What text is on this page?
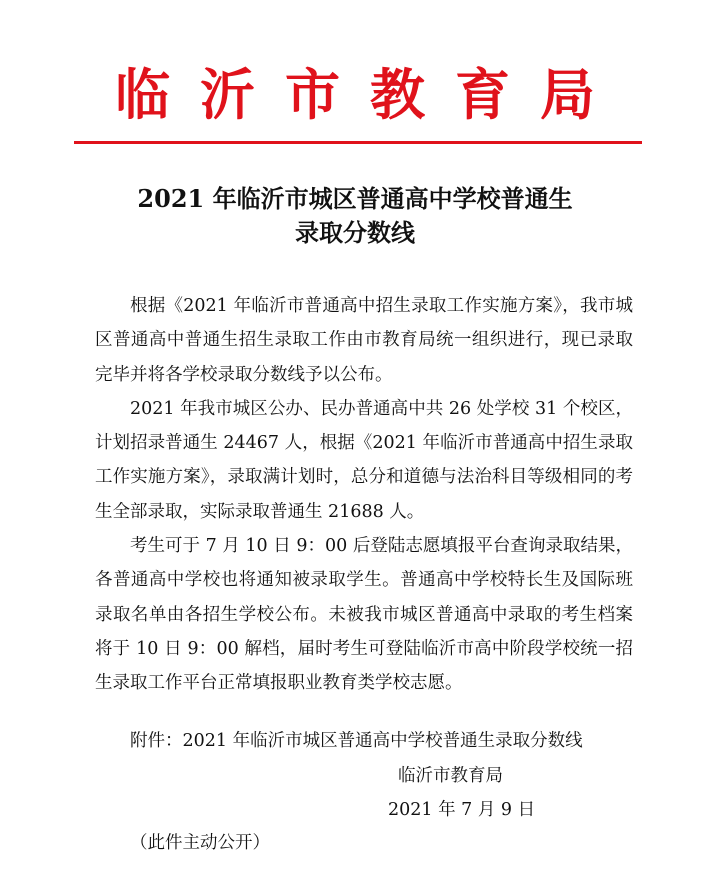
临沂市教育局
2021 年临沂市城区普通高中学校普通生
录取分数线

根据《2021 年临沂市普通高中招生录取工作实施方案》，我市城区普通高中普通生招生录取工作由市教育局统一组织进行，现已录取完毕并将各学校录取分数线予以公布。

2021 年我市城区公办、民办普通高中共 26 处学校 31 个校区，计划招录普通生 24467 人，根据《2021 年临沂市普通高中招生录取工作实施方案》，录取满计划时，总分和道德与法治科目等级相同的考生全部录取，实际录取普通生 21688 人。

考生可于 7 月 10 日 9：00 后登陆志愿填报平台查询录取结果，各普通高中学校也将通知被录取学生。普通高中学校特长生及国际班录取名单由各招生学校公布。未被我市城区普通高中录取的考生档案将于 10 日 9：00 解档，届时考生可登陆临沂市高中阶段学校统一招生录取工作平台正常填报职业教育类学校志愿。

附件：2021 年临沂市城区普通高中学校普通生录取分数线
临沂市教育局
2021 年 7 月 9 日
（此件主动公开）
